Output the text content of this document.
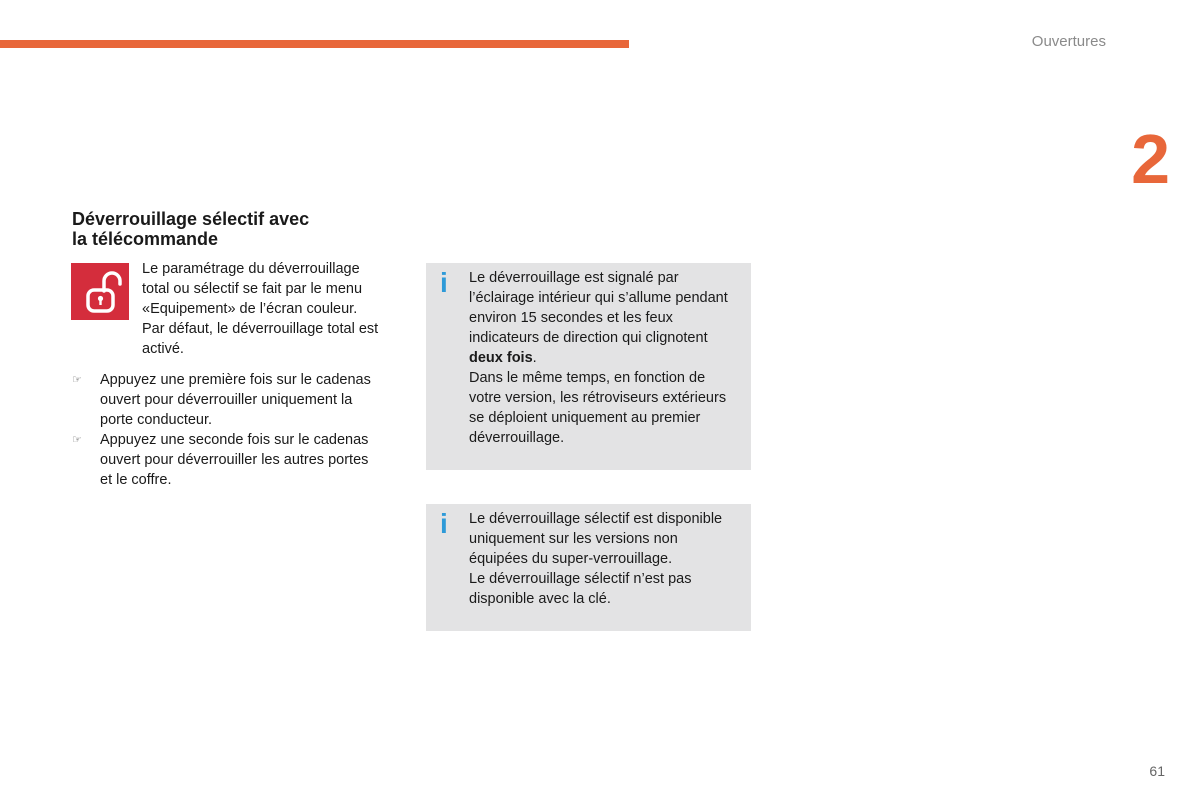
Ouvertures
2
Déverrouillage sélectif avec
la télécommande
Le paramétrage du déverrouillage
total ou sélectif se fait par le menu
«Equipement» de l’écran couleur.
Par défaut, le déverrouillage total est
activé.
☞ Appuyez une première fois sur le cadenas
ouvert pour déverrouiller uniquement la
porte conducteur.
☞ Appuyez une seconde fois sur le cadenas
ouvert pour déverrouiller les autres portes
et le coffre.
i Le déverrouillage est signalé par
l’éclairage intérieur qui s’allume pendant
environ 15 secondes et les feux
indicateurs de direction qui clignotent
deux fois.
Dans le même temps, en fonction de
votre version, les rétroviseurs extérieurs
se déploient uniquement au premier
déverrouillage.
i Le déverrouillage sélectif est disponible
uniquement sur les versions non
équipées du super-verrouillage.
Le déverrouillage sélectif n’est pas
disponible avec la clé.
61
